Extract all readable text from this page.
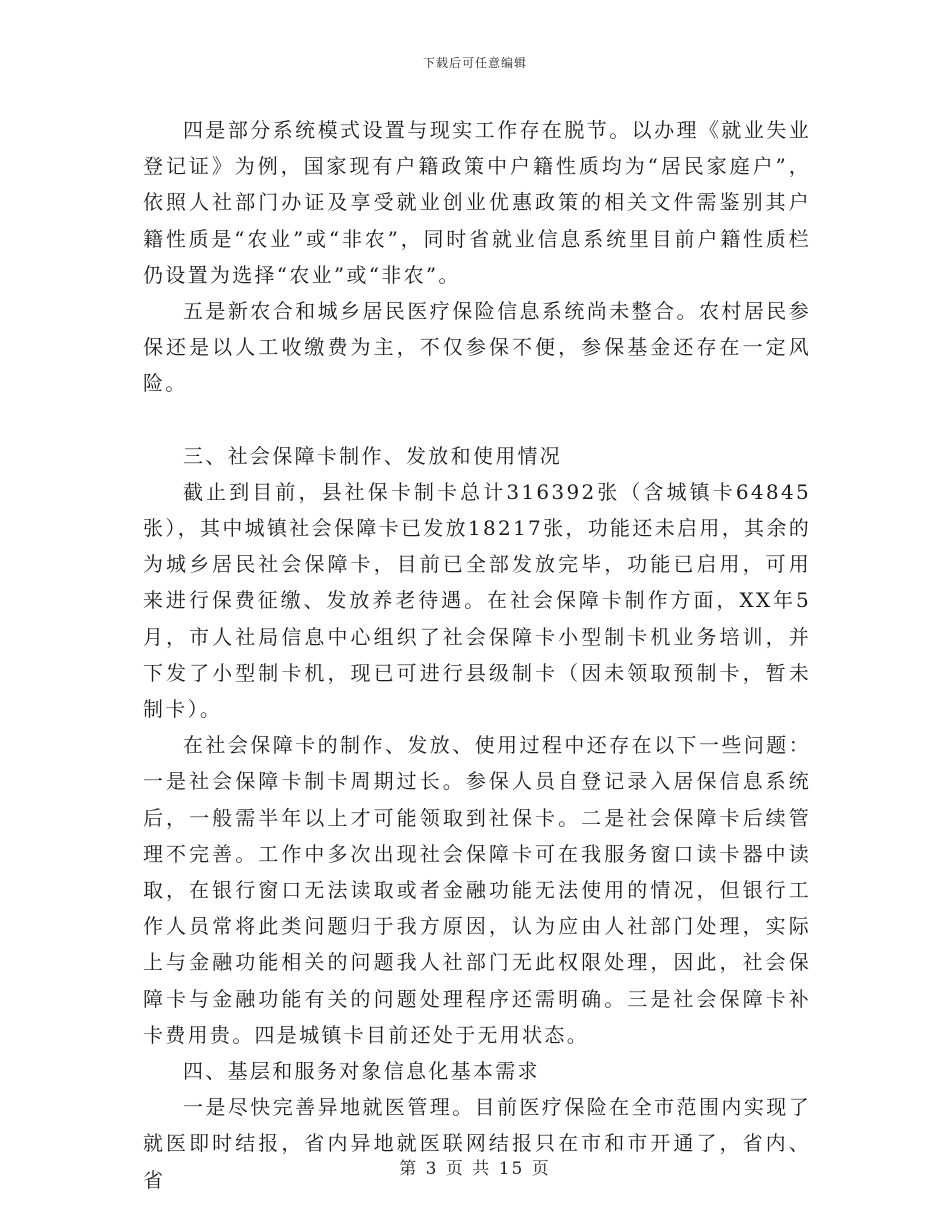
下载后可任意编辑

四是部分系统模式设置与现实工作存在脱节。以办理《就业失业登记证》为例，国家现有户籍政策中户籍性质均为“居民家庭户”，依照人社部门办证及享受就业创业优惠政策的相关文件需鉴别其户籍性质是“农业”或“非农”，同时省就业信息系统里目前户籍性质栏仍设置为选择“农业”或“非农”。

五是新农合和城乡居民医疗保险信息系统尚未整合。农村居民参保还是以人工收缴费为主，不仅参保不便，参保基金还存在一定风险。

三、社会保障卡制作、发放和使用情况

截止到目前，县社保卡制卡总计316392张（含城镇卡64845张），其中城镇社会保障卡已发放18217张，功能还未启用，其余的为城乡居民社会保障卡，目前已全部发放完毕，功能已启用，可用来进行保费征缴、发放养老待遇。在社会保障卡制作方面，XX年5月，市人社局信息中心组织了社会保障卡小型制卡机业务培训，并下发了小型制卡机，现已可进行县级制卡（因未领取预制卡，暂未制卡）。

在社会保障卡的制作、发放、使用过程中还存在以下一些问题：一是社会保障卡制卡周期过长。参保人员自登记录入居保信息系统后，一般需半年以上才可能领取到社保卡。二是社会保障卡后续管理不完善。工作中多次出现社会保障卡可在我服务窗口读卡器中读取，在银行窗口无法读取或者金融功能无法使用的情况，但银行工作人员常将此类问题归于我方原因，认为应由人社部门处理，实际上与金融功能相关的问题我人社部门无此权限处理，因此，社会保障卡与金融功能有关的问题处理程序还需明确。三是社会保障卡补卡费用贵。四是城镇卡目前还处于无用状态。

四、基层和服务对象信息化基本需求

一是尽快完善异地就医管理。目前医疗保险在全市范围内实现了就医即时结报，省内异地就医联网结报只在市和市开通了，省内、省	第 3 页 共 15 页
